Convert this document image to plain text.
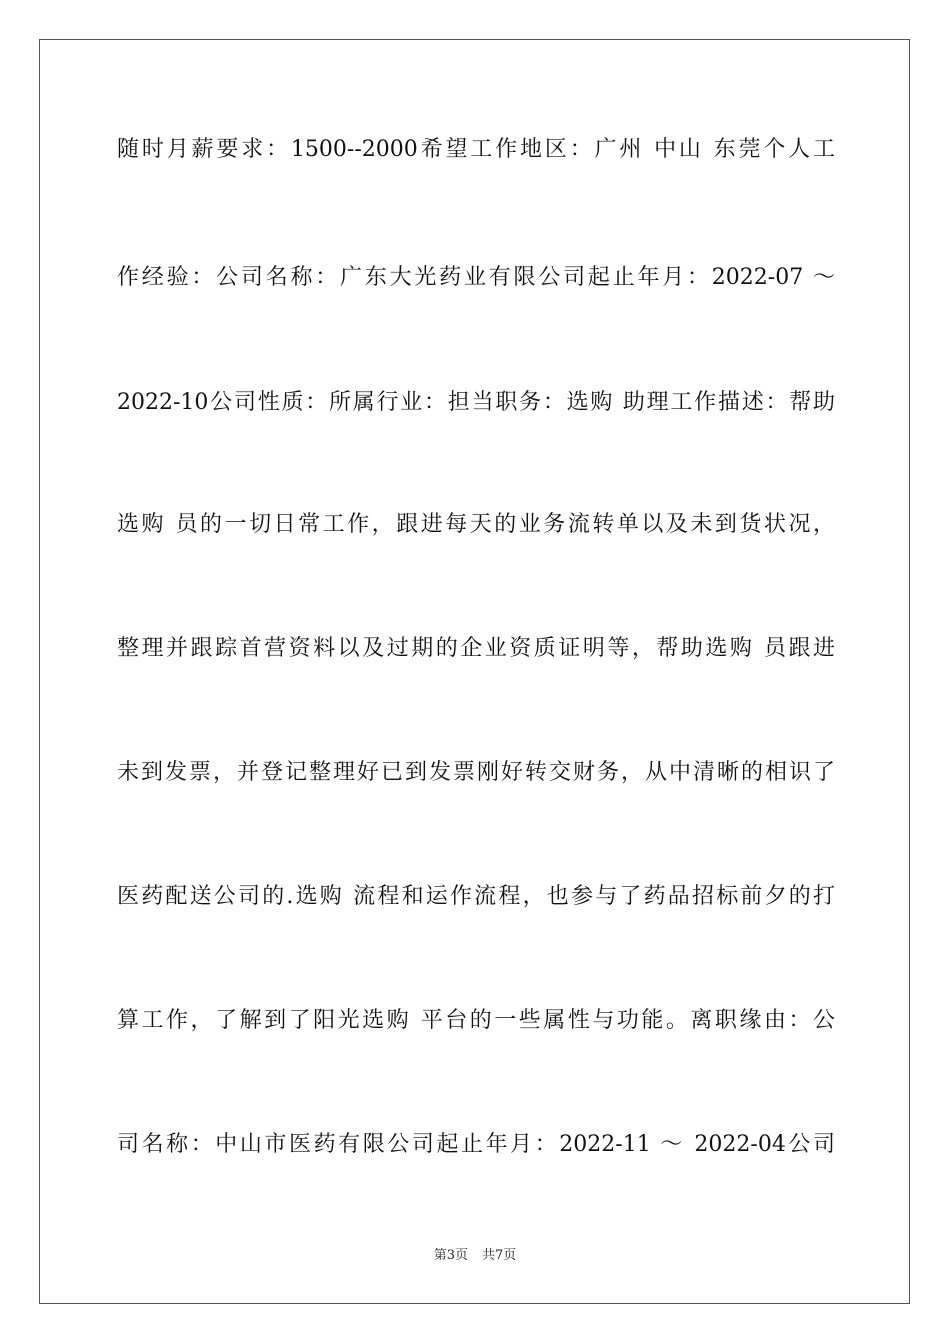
随时月薪要求：1500--2000希望工作地区：广州 中山 东莞个人工
作经验：公司名称：广东大光药业有限公司起止年月：2022-07 ～
2022-10公司性质：所属行业：担当职务：选购 助理工作描述：帮助
选购 员的一切日常工作，跟进每天的业务流转单以及未到货状况，
整理并跟踪首营资料以及过期的企业资质证明等，帮助选购 员跟进
未到发票，并登记整理好已到发票刚好转交财务，从中清晰的相识了
医药配送公司的.选购 流程和运作流程，也参与了药品招标前夕的打
算工作，了解到了阳光选购 平台的一些属性与功能。离职缘由：公
司名称：中山市医药有限公司起止年月：2022-11 ～ 2022-04公司
第3页 共7页
